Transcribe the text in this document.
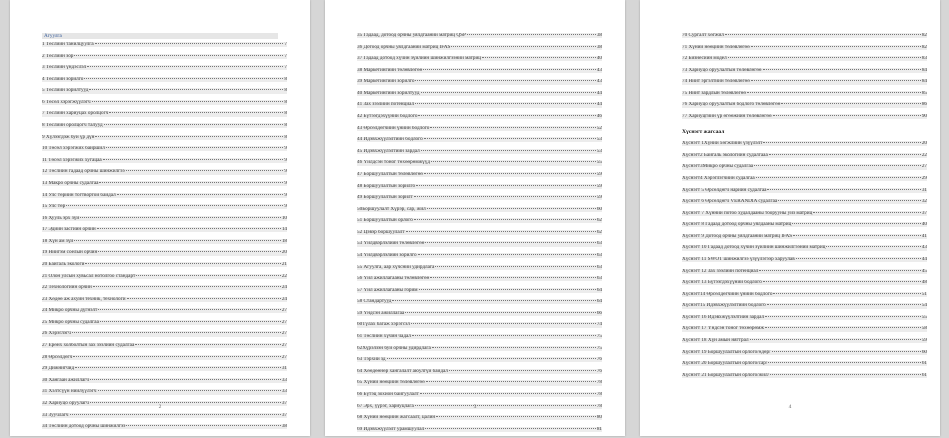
Агуулга
1 Төслийн танилцуулга	7
2 Төслийн зор	7
3 Төслийн үндэслэл	7
4 Төслийн зорилго	8
5 Төслийн зорилтууд	8
6 Төсөл хэрэгжүүлэгч	8
7 Төслийн хариуцах оролцогч	8
8 Төслийн оролцогч талууд	8
9 Хүлээгдэж буй үр дүн	8
10 Төсөл хэрэгжих байршил	9
11 Төсөл хэрэгжих хугацаа	9
12 Төслийн гадаад орчны шинжилгээ	9
13 Макро орчны судалгаа	9
14 Улс төрийн тогтвортой байдал	9
15 Улс төр	9
16 Хууль эрх зүй	10
17 Эдийн засгийн орчин	14
18 Хүн ам зүй	18
19 Нийгэм соёлын орчин	20
20 Байгаль экологи	21
21 Олон улсын хувьсал нотолгоо стандарт	22
22 Технологийн орчин	24
23 Хөдөө аж ахуйн техник, технологи	24
24 Микро орчны дүгнэлт	27
25 Микро орчны судалгаа	27
26 Хэрэглэгч	27
27 Ерөнх холболтын зах зээлийн судалгаа	27
28 Өрсөлдөгч	27
29 Дижнигчид	31
30 Хангаан ажиллагч	33
31 Хэлтсүүн нийлүүлэгч	33
32 Хариуцо оруулагч	37
33 Зуучлагч	37
34 Төслийн дотоод орчны шинжилгээ	38
2
35 Гадаад, дотоод орчны уялдгааний матриц QSP	38
36 Дотоод орчны уялдгааний матриц IFAS	38
37 Гадаад дотоод хүчин зүйлийн шинжилгээний матриц	40
38 Маркетингийн төлөвлөгөө	43
39 Маркетингийн зорилго	43
40 Маркетингийн зорилтууд	44
41 Зах зээлийн потенциал	44
42 Бүтээгдэхүүний бодлого	46
43 Өрсөлдөгчийн үнийн бодлого	52
44 Идэвхжүүлэлтийн бодлого	53
45 Идэвхжүүлэлтийн зардал	53
46 Үйлдсэн тоног төхөөрөмжүүд	55
47 Боршуулалтын төлөвлөгөө	59
48 Боршуулалтын зорилго	59
49 Боршуулалтын зорилт	59
50Боршуулалт Хүрэр, сар, жил	60
51 Боршуулалтын орлого	62
52 Цэвэр боршуулалт	62
53 Үйлдвэрлэлийн төлөвлөгөө	63
54 Үйлдвэрлэлийн зорилго	63
55 Агуулга, аар хүчсний удирдлага	63
56 Үйл ажиллагааны төлөвлөгөө	63
57 Үйл ажиллагааны горим	64
58 Стандартууд	64
59 Үндсэн ажиллагаа	66
60Түлах багаж хэрэгсэл	74
61 Төслийн хүчин чадал	75
62Хүрэлзэн буй орчны удирдлага	75
63 Тэрхий зд	76
64 Хөөдөөнөр хангалалт аюулгүй байдал	76
65 Хүний нөөцийн төлөвлөгөө	78
66 Бүтэц зохион байгуулалт	78
67 Эрх, үүрэг, хариуцлага	78
68 Хүний нөөцийн жагсаалт, цалин	80
69 Идэвхжүүлэлт урамшуулал	81
3
70 Сургалт хөгжил	82
71 Хүний нөөцийн төлөвлөгөө	82
72 Бизнесийн модел	83
73 Хариуцо оруулалтын төлөвлөгөө	84
74 Нийт эргэлтийн төлөвлөгөө	84
75 Нийт зардлын төлөвлөгөө	85
76 Хариуцо оруулалтын бодлого төлөвлөгөө	86
77 Хариуцгийн үр өгөөжийн төлөвлөгөө	90
Хүснэгт жагсаал
Хүснэгт 1Хүний хөгжлийн үзүүлэлт	20
Хүснэгт2 Байгаль экологийн судалгааа	22
Хүснэгт3Микро орчны судалгаа	27
Хүснэгт4 Хэрэглэгчийн судалгаа	29
Хүснэгт 5 Өрсөлдөгч нарийн судалгаа	31
Хүснэгт 6 Өрсөлдөгч VERANDIA судалгаа	32
Хүснэгт 7 Хүнний потоо худалдааны тоорууны уиз матриц	37
Хүснэгт 8 Гадаад дотоод орчны уялдааны матриц	40
Хүснэгт 9 Дотоод орчны уялдгааний матриц IFAS	41
Хүснэгт 10 Гадаад дотоод хүчин зүйлийн шинжилгээний матриц	43
Хүснэгт 11 SWOT шинжилгээ үзүүлэгээр харуулав	44
Хүснэгт 12 Зах зээлийн потенциал	45
Хүснэгт 13 Бүтээгдэхүүний бодлого	48
Хүснэгт14 Өрсөлдөгчийн үнийн бодлого	51
Хүснэгт15 Идэвхжүүлэлтийн бодлого	54
Хүснэгт 16 Идэвхжүүлэлтийн зардал	55
Хүснэгт 17 Үндсэн тоног төхөөрөмж	58
Хүснэгт 18 Хүн амын нягтрал	59
Хүснэгт 19 Боршуулалтын орлого/өдөр/	60
Хүснэгт 20 Боршуулалтын орлого/сар/	61
Хүснэгт 21 Боршуулалтын орлого/жил/	61
4
